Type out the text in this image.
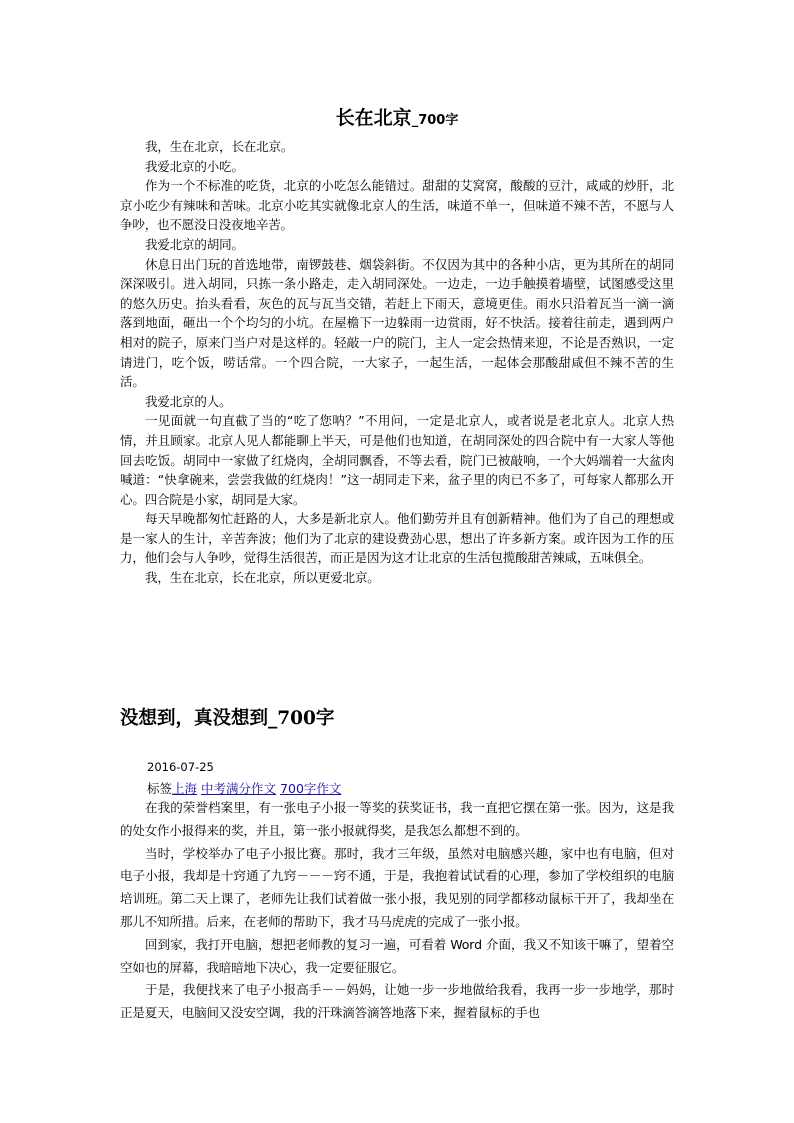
长在北京_700字

我，生在北京，长在北京。

我爱北京的小吃。

作为一个不标准的吃货，北京的小吃怎么能错过。甜甜的艾窝窝，酸酸的豆汁，咸咸的炒肝，北京小吃少有辣味和苦味。北京小吃其实就像北京人的生活，味道不单一，但味道不辣不苦，不愿与人争吵，也不愿没日没夜地辛苦。

我爱北京的胡同。

休息日出门玩的首选地带，南锣鼓巷、烟袋斜街。不仅因为其中的各种小店，更为其所在的胡同深深吸引。进入胡同，只拣一条小路走，走入胡同深处。一边走，一边手触摸着墙壁，试图感受这里的悠久历史。抬头看看，灰色的瓦与瓦当交错，若赶上下雨天，意境更佳。雨水只沿着瓦当一滴一滴落到地面，砸出一个个均匀的小坑。在屋檐下一边躲雨一边赏雨，好不快活。接着往前走，遇到两户相对的院子，原来门当户对是这样的。轻敲一户的院门，主人一定会热情来迎，不论是否熟识，一定请进门，吃个饭，唠话常。一个四合院，一大家子，一起生活，一起体会那酸甜咸但不辣不苦的生活。

我爱北京的人。

一见面就一句直截了当的“吃了您呐？”不用问，一定是北京人，或者说是老北京人。北京人热情，并且顾家。北京人见人都能聊上半天，可是他们也知道，在胡同深处的四合院中有一大家人等他回去吃饭。胡同中一家做了红烧肉，全胡同飘香，不等去看，院门已被敲响，一个大妈端着一大盆肉喊道：“快拿碗来，尝尝我做的红烧肉！”这一胡同走下来，盆子里的肉已不多了，可每家人都那么开心。四合院是小家，胡同是大家。

每天早晚都匆忙赶路的人，大多是新北京人。他们勤劳并且有创新精神。他们为了自己的理想或是一家人的生计，辛苦奔波；他们为了北京的建设费劲心思，想出了许多新方案。或许因为工作的压力，他们会与人争吵，觉得生活很苦，而正是因为这才让北京的生活包揽酸甜苦辣咸，五味俱全。

我，生在北京，长在北京，所以更爱北京。

没想到，真没想到_700字
2016-07-25
标签上海 中考满分作文 700字作文

在我的荣誉档案里，有一张电子小报一等奖的获奖证书，我一直把它摆在第一张。因为，这是我的处女作小报得来的奖，并且，第一张小报就得奖，是我怎么都想不到的。

当时，学校举办了电子小报比赛。那时，我才三年级，虽然对电脑感兴趣，家中也有电脑，但对电子小报，我却是十窍通了九窍－－－窍不通，于是，我抱着试试看的心理，参加了学校组织的电脑培训班。第二天上课了，老师先让我们试着做一张小报，我见别的同学都移动鼠标干开了，我却坐在那儿不知所措。后来，在老师的帮助下，我才马马虎虎的完成了一张小报。

回到家，我打开电脑，想把老师教的复习一遍，可看着 Word 介面，我又不知该干嘛了，望着空空如也的屏幕，我暗暗地下决心，我一定要征服它。

于是，我便找来了电子小报高手－－妈妈，让她一步一步地做给我看，我再一步一步地学，那时正是夏天，电脑间又没安空调，我的汗珠滴答滴答地落下来，握着鼠标的手也
